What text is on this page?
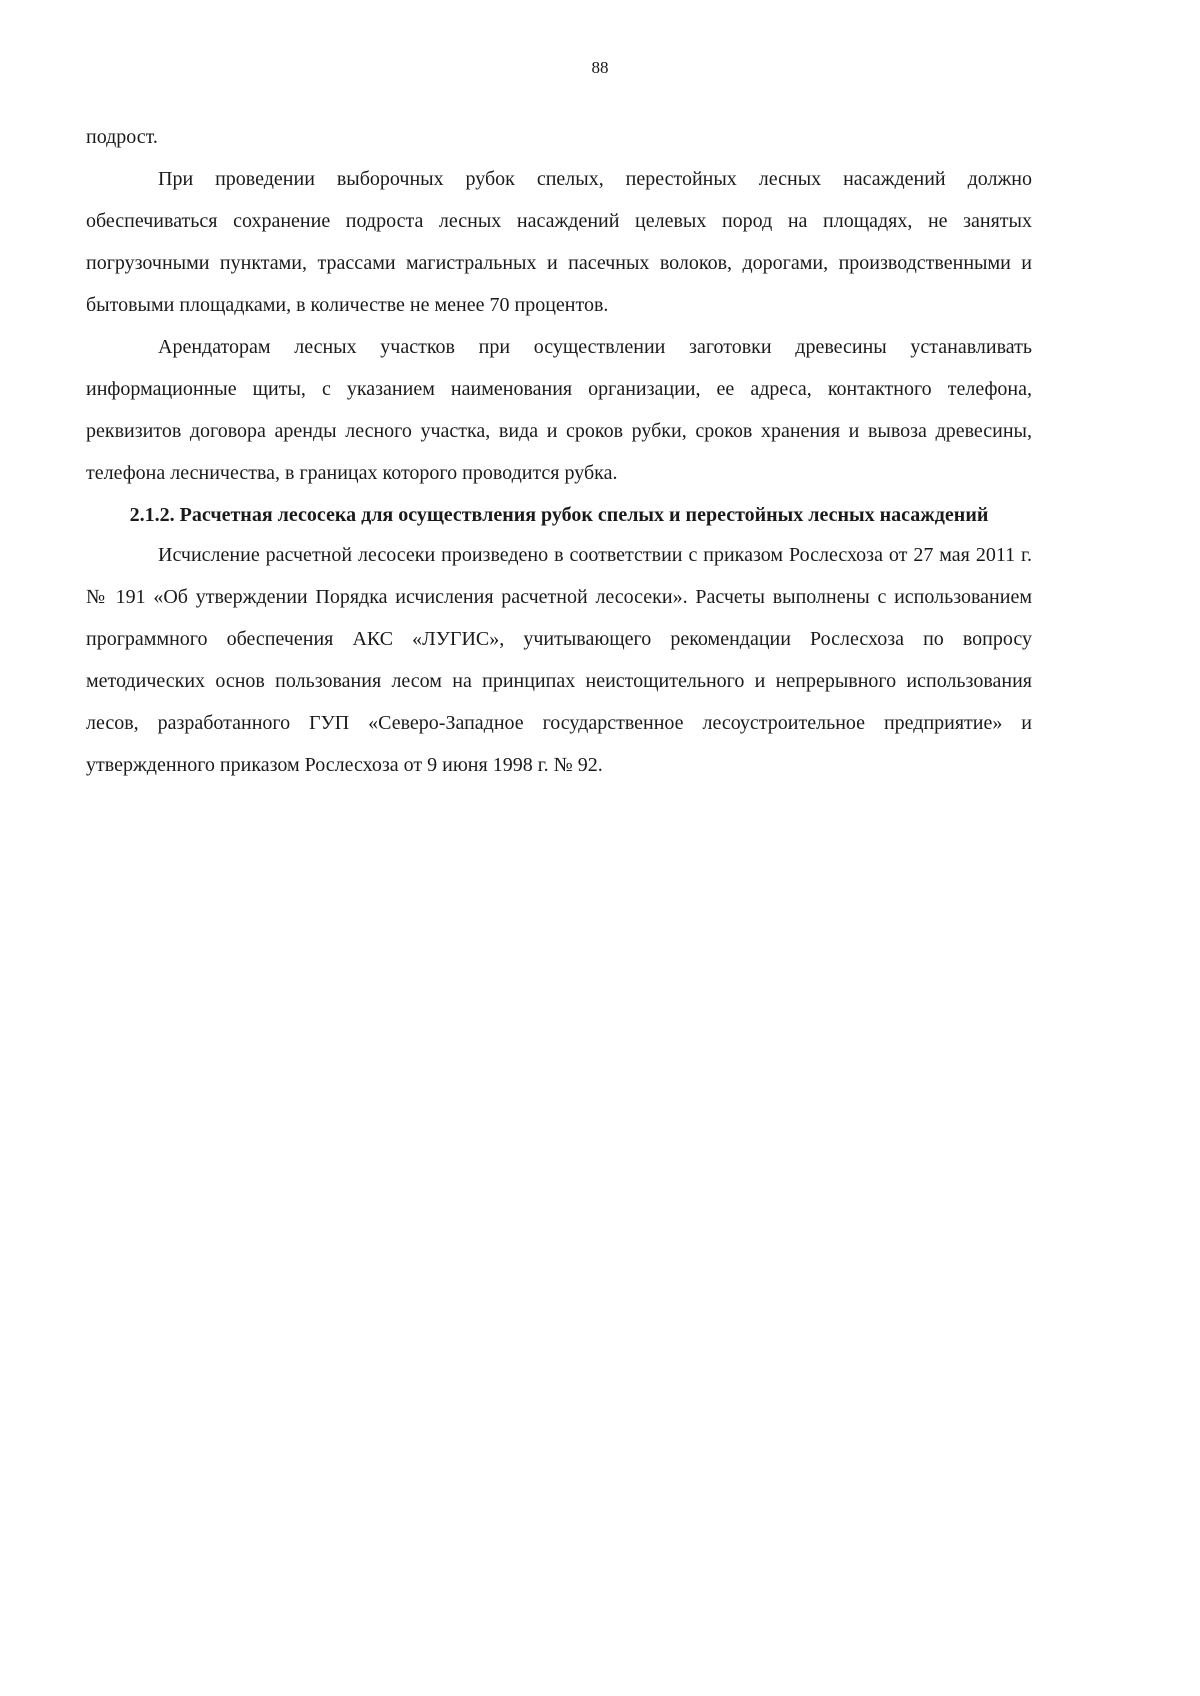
88

подрост.

При проведении выборочных рубок спелых, перестойных лесных насаждений должно обеспечиваться сохранение подроста лесных насаждений целевых пород на площадях, не занятых погрузочными пунктами, трассами магистральных и пасечных волоков, дорогами, производственными и бытовыми площадками, в количестве не менее 70 процентов.

Арендаторам лесных участков при осуществлении заготовки древесины устанавливать информационные щиты, с указанием наименования организации, ее адреса, контактного телефона, реквизитов договора аренды лесного участка, вида и сроков рубки, сроков хранения и вывоза древесины, телефона лесничества, в границах которого проводится рубка.

2.1.2. Расчетная лесосека для осуществления рубок спелых и перестойных лесных насаждений

Исчисление расчетной лесосеки произведено в соответствии с приказом Рослесхоза от 27 мая 2011 г. № 191 «Об утверждении Порядка исчисления расчетной лесосеки». Расчеты выполнены с использованием программного обеспечения АКС «ЛУГИС», учитывающего рекомендации Рослесхоза по вопросу методических основ пользования лесом на принципах неистощительного и непрерывного использования лесов, разработанного ГУП «Северо-Западное государственное лесоустроительное предприятие» и утвержденного приказом Рослесхоза от 9 июня 1998 г. № 92.
